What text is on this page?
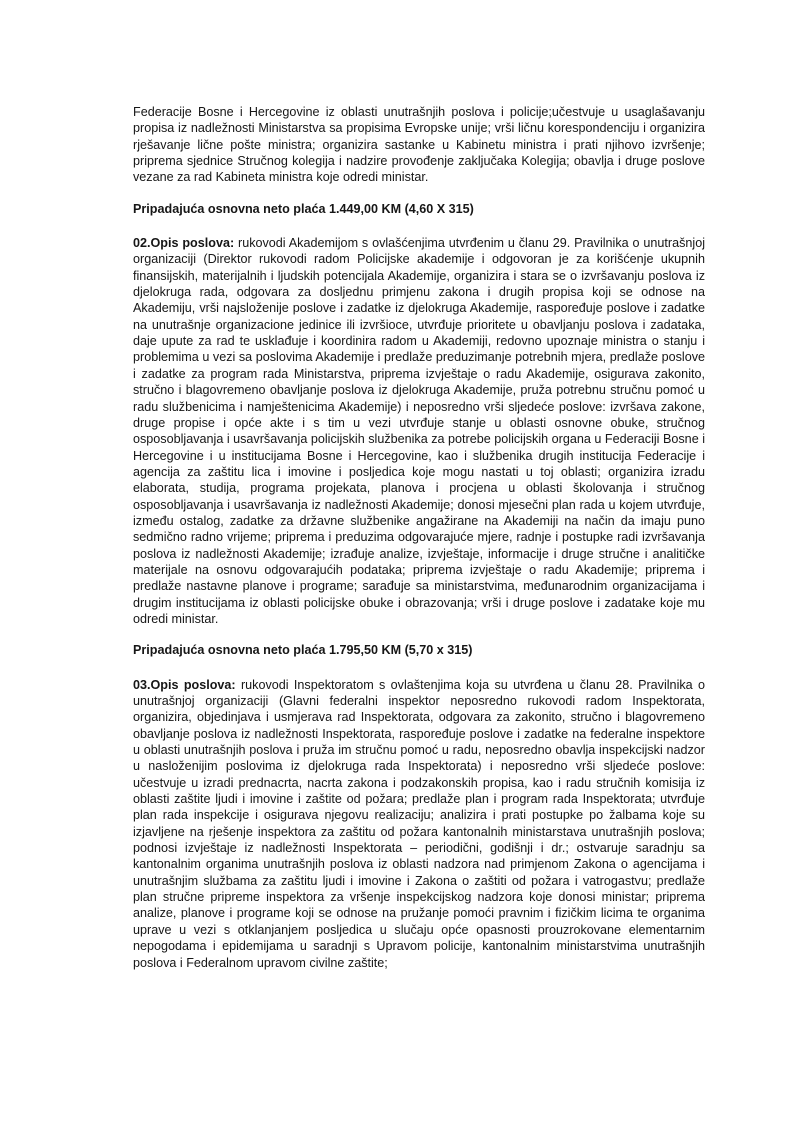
Federacije Bosne i Hercegovine iz oblasti unutrašnjih poslova i policije;učestvuje u usaglašavanju propisa iz nadležnosti Ministarstva sa propisima Evropske unije; vrši ličnu korespondenciju i organizira rješavanje lične pošte ministra; organizira sastanke u Kabinetu ministra i prati njihovo izvršenje; priprema sjednice Stručnog kolegija i nadzire provođenje zaključaka Kolegija; obavlja i druge poslove vezane za rad Kabineta ministra koje odredi ministar.

Pripadajuća osnovna neto plaća 1.449,00 KM (4,60 X 315)

02.Opis poslova: rukovodi Akademijom s ovlašćenjima utvrđenim u članu 29. Pravilnika o unutrašnjoj organizaciji (Direktor rukovodi radom Policijske akademije i odgovoran je za korišćenje ukupnih finansijskih, materijalnih i ljudskih potencijala Akademije, organizira i stara se o izvršavanju poslova iz djelokruga rada, odgovara za dosljednu primjenu zakona i drugih propisa koji se odnose na Akademiju, vrši najsloženije poslove i zadatke iz djelokruga Akademije, raspoređuje poslove i zadatke na unutrašnje organizacione jedinice ili izvršioce, utvrđuje prioritete u obavljanju poslova i zadataka, daje upute za rad te usklađuje i koordinira radom u Akademiji, redovno upoznaje ministra o stanju i problemima u vezi sa poslovima Akademije i predlaže preduzimanje potrebnih mjera, predlaže poslove i zadatke za program rada Ministarstva, priprema izvještaje o radu Akademije, osigurava zakonito, stručno i blagovremeno obavljanje poslova iz djelokruga Akademije, pruža potrebnu stručnu pomoć u radu službenicima i namještenicima Akademije) i neposredno vrši sljedeće poslove: izvršava zakone, druge propise i opće akte i s tim u vezi utvrđuje stanje u oblasti osnovne obuke, stručnog osposobljavanja i usavršavanja policijskih službenika za potrebe policijskih organa u Federaciji Bosne i Hercegovine i u institucijama Bosne i Hercegovine, kao i službenika drugih institucija Federacije i agencija za zaštitu lica i imovine i posljedica koje mogu nastati u toj oblasti; organizira izradu elaborata, studija, programa projekata, planova i procjena u oblasti školovanja i stručnog osposobljavanja i usavršavanja iz nadležnosti Akademije; donosi mjesečni plan rada u kojem utvrđuje, između ostalog, zadatke za državne službenike angažirane na Akademiji na način da imaju puno sedmično radno vrijeme; priprema i preduzima odgovarajuće mjere, radnje i postupke radi izvršavanja poslova iz nadležnosti Akademije; izrađuje analize, izvještaje, informacije i druge stručne i analitičke materijale na osnovu odgovarajućih podataka; priprema izvještaje o radu Akademije; priprema i predlaže nastavne planove i programe; sarađuje sa ministarstvima, međunarodnim organizacijama i drugim institucijama iz oblasti policijske obuke i obrazovanja; vrši i druge poslove i zadatake koje mu odredi ministar.

Pripadajuća osnovna neto plaća 1.795,50 KM (5,70 x 315)

03.Opis poslova: rukovodi Inspektoratom s ovlaštenjima koja su utvrđena u članu 28. Pravilnika o unutrašnjoj organizaciji (Glavni federalni inspektor neposredno rukovodi radom Inspektorata, organizira, objedinjava i usmjerava rad Inspektorata, odgovara za zakonito, stručno i blagovremeno obavljanje poslova iz nadležnosti Inspektorata, raspoređuje poslove i zadatke na federalne inspektore u oblasti unutrašnjih poslova i pruža im stručnu pomoć u radu, neposredno obavlja inspekcijski nadzor u nasloženijim poslovima iz djelokruga rada Inspektorata) i neposredno vrši sljedeće poslove: učestvuje u izradi prednacrta, nacrta zakona i podzakonskih propisa, kao i radu stručnih komisija iz oblasti zaštite ljudi i imovine i zaštite od požara; predlaže plan i program rada Inspektorata; utvrđuje plan rada inspekcije i osigurava njegovu realizaciju; analizira i prati postupke po žalbama koje su izjavljene na rješenje inspektora za zaštitu od požara kantonalnih ministarstava unutrašnjih poslova; podnosi izvještaje iz nadležnosti Inspektorata – periodični, godišnji i dr.; ostvaruje saradnju sa kantonalnim organima unutrašnjih poslova iz oblasti nadzora nad primjenom Zakona o agencijama i unutrašnjim službama za zaštitu ljudi i imovine i Zakona o zaštiti od požara i vatrogastvu; predlaže plan stručne pripreme inspektora za vršenje inspekcijskog nadzora koje donosi ministar; priprema analize, planove i programe koji se odnose na pružanje pomoći pravnim i fizičkim licima te organima uprave u vezi s otklanjanjem posljedica u slučaju opće opasnosti prouzrokovane elementarnim nepogodama i epidemijama u saradnji s Upravom policije, kantonalnim ministarstvima unutrašnjih poslova i Federalnom upravom civilne zaštite;
